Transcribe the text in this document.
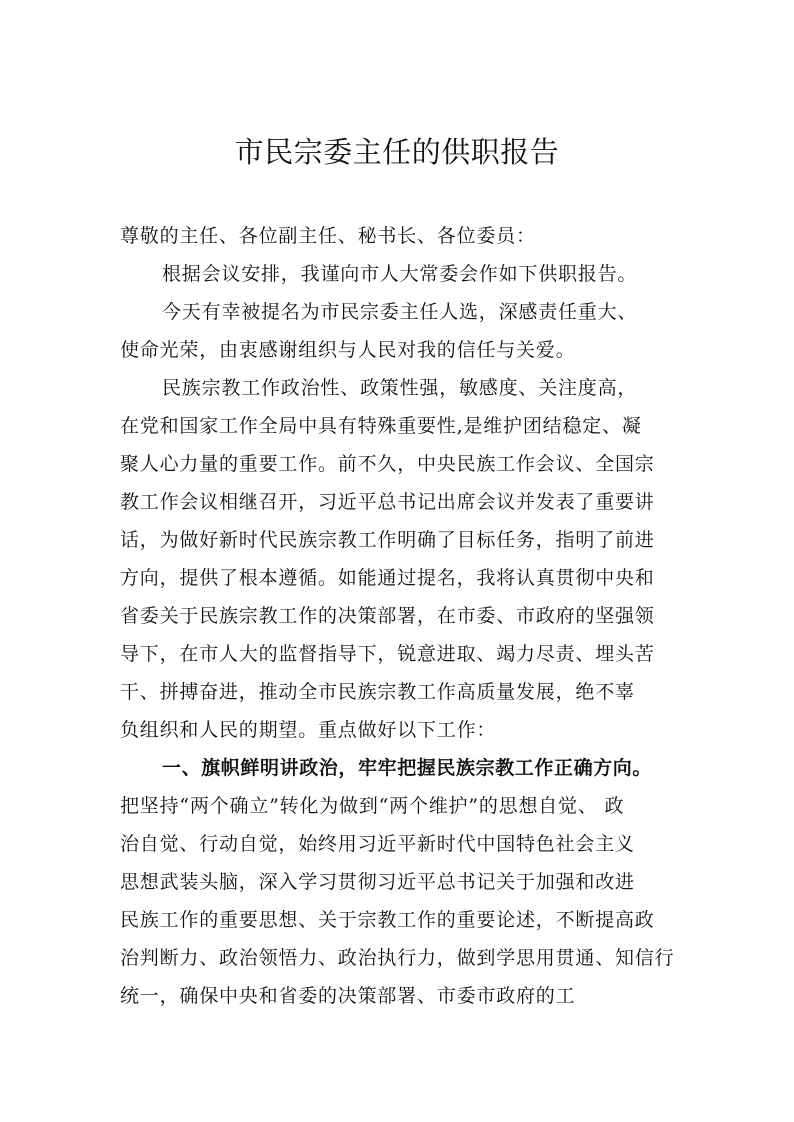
市民宗委主任的供职报告
尊敬的主任、各位副主任、秘书长、各位委员：
根据会议安排，我谨向市人大常委会作如下供职报告。
今天有幸被提名为市民宗委主任人选，深感责任重大、
使命光荣，由衷感谢组织与人民对我的信任与关爱。
民族宗教工作政治性、政策性强，敏感度、关注度高，
在党和国家工作全局中具有特殊重要性,是维护团结稳定、凝
聚人心力量的重要工作。前不久，中央民族工作会议、全国宗
教工作会议相继召开，习近平总书记出席会议并发表了重要讲
话，为做好新时代民族宗教工作明确了目标任务，指明了前进
方向，提供了根本遵循。如能通过提名，我将认真贯彻中央和
省委关于民族宗教工作的决策部署，在市委、市政府的坚强领
导下，在市人大的监督指导下，锐意进取、竭力尽责、埋头苦
干、拼搏奋进，推动全市民族宗教工作高质量发展，绝不辜
负组织和人民的期望。重点做好以下工作：
一、旗帜鲜明讲政治，牢牢把握民族宗教工作正确方向。
把坚持“两个确立”转化为做到“两个维护”的思想自觉、 政
治自觉、行动自觉，始终用习近平新时代中国特色社会主义
思想武装头脑，深入学习贯彻习近平总书记关于加强和改进
民族工作的重要思想、关于宗教工作的重要论述，不断提高政
治判断力、政治领悟力、政治执行力，做到学思用贯通、知信行
统一，确保中央和省委的决策部署、市委市政府的工
